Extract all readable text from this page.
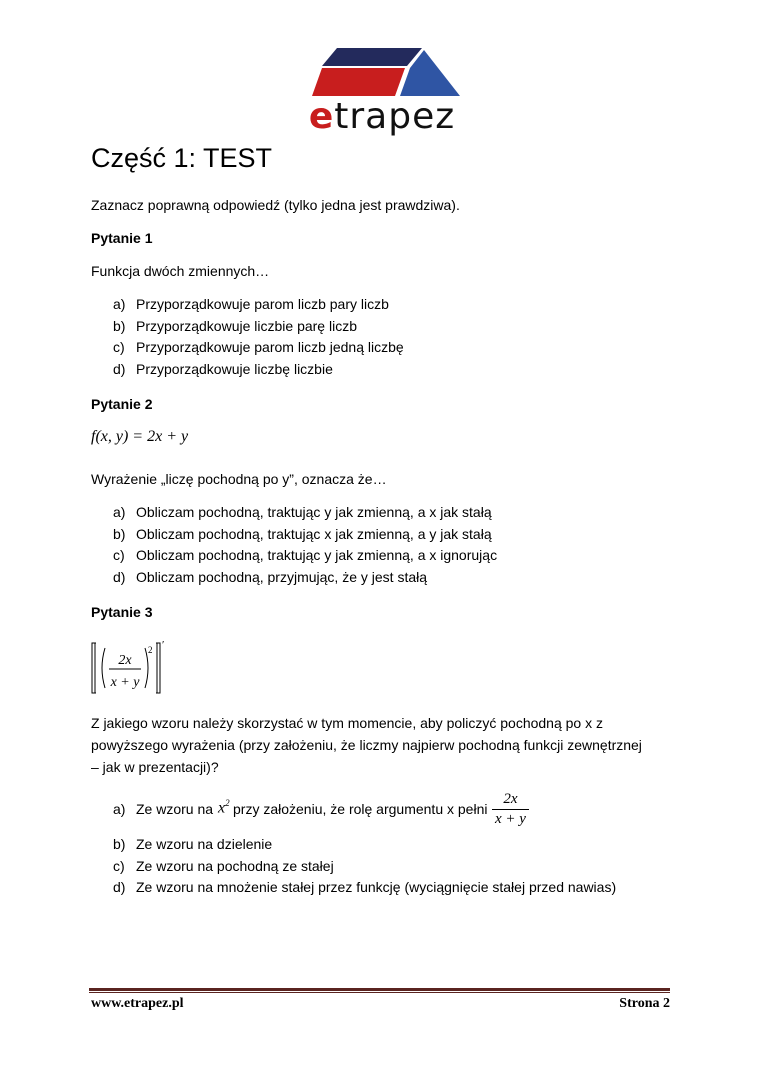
etrapez
Część 1: TEST

Zaznacz poprawną odpowiedź (tylko jedna jest prawdziwa).

Pytanie 1

Funkcja dwóch zmiennych…

a) Przyporządkowuje parom liczb pary liczb
b) Przyporządkowuje liczbie parę liczb
c) Przyporządkowuje parom liczb jedną liczbę
d) Przyporządkowuje liczbę liczbie

Pytanie 2

f(x, y) = 2x + y

Wyrażenie „liczę pochodną po y”, oznacza że…

a) Obliczam pochodną, traktując y jak zmienną, a x jak stałą
b) Obliczam pochodną, traktując x jak zmienną, a y jak stałą
c) Obliczam pochodną, traktując y jak zmienną, a x ignorując
d) Obliczam pochodną, przyjmując, że y jest stałą

Pytanie 3

2x
x + y
2 ′

Z jakiego wzoru należy skorzystać w tym momencie, aby policzyć pochodną po x z powyższego wyrażenia (przy założeniu, że liczmy najpierw pochodną funkcji zewnętrznej – jak w prezentacji)?

a) Ze wzoru na $x^2$ przy założeniu, że rolę argumentu x pełni $\frac{2x}{x + y}$
b) Ze wzoru na dzielenie
c) Ze wzoru na pochodną ze stałej
d) Ze wzoru na mnożenie stałej przez funkcję (wyciągnięcie stałej przed nawias)
www.etrapez.pl	Strona 2
